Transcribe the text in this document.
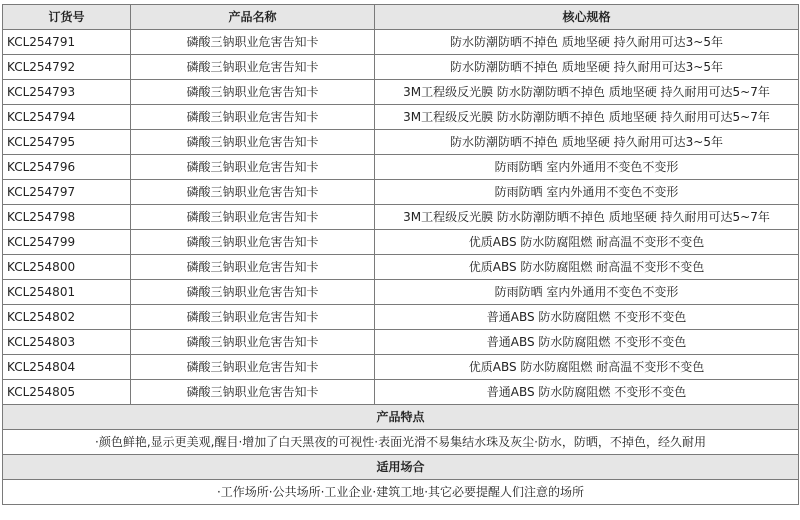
订货号	产品名称	核心规格
KCL254791	磷酸三钠职业危害告知卡	防水防潮防晒不掉色 质地坚硬 持久耐用可达3~5年
KCL254792	磷酸三钠职业危害告知卡	防水防潮防晒不掉色 质地坚硬 持久耐用可达3~5年
KCL254793	磷酸三钠职业危害告知卡	3M工程级反光膜 防水防潮防晒不掉色 质地坚硬 持久耐用可达5~7年
KCL254794	磷酸三钠职业危害告知卡	3M工程级反光膜 防水防潮防晒不掉色 质地坚硬 持久耐用可达5~7年
KCL254795	磷酸三钠职业危害告知卡	防水防潮防晒不掉色 质地坚硬 持久耐用可达3~5年
KCL254796	磷酸三钠职业危害告知卡	防雨防晒 室内外通用不变色不变形
KCL254797	磷酸三钠职业危害告知卡	防雨防晒 室内外通用不变色不变形
KCL254798	磷酸三钠职业危害告知卡	3M工程级反光膜 防水防潮防晒不掉色 质地坚硬 持久耐用可达5~7年
KCL254799	磷酸三钠职业危害告知卡	优质ABS 防水防腐阻燃 耐高温不变形不变色
KCL254800	磷酸三钠职业危害告知卡	优质ABS 防水防腐阻燃 耐高温不变形不变色
KCL254801	磷酸三钠职业危害告知卡	防雨防晒 室内外通用不变色不变形
KCL254802	磷酸三钠职业危害告知卡	普通ABS 防水防腐阻燃 不变形不变色
KCL254803	磷酸三钠职业危害告知卡	普通ABS 防水防腐阻燃 不变形不变色
KCL254804	磷酸三钠职业危害告知卡	优质ABS 防水防腐阻燃 耐高温不变形不变色
KCL254805	磷酸三钠职业危害告知卡	普通ABS 防水防腐阻燃 不变形不变色
产品特点		
·颜色鲜艳,显示更美观,醒目·增加了白天黑夜的可视性·表面光滑不易集结水珠及灰尘·防水，防晒，不掉色，经久耐用		
适用场合		
·工作场所·公共场所·工业企业·建筑工地·其它必要提醒人们注意的场所		
